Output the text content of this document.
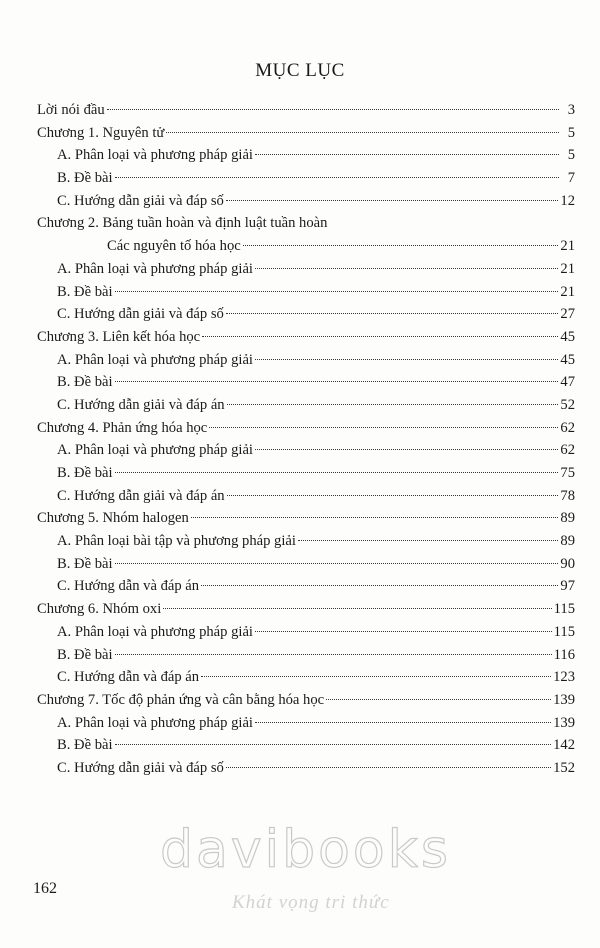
MỤC LỤC
Lời nói đầu	3
Chương 1. Nguyên tử	5
A. Phân loại và phương pháp giải	5
B. Đề bài	7
C. Hướng dẫn giải và đáp số	12
Chương 2. Bảng tuần hoàn và định luật tuần hoàn
Các nguyên tố hóa học	21
A. Phân loại và phương pháp giải	21
B. Đề bài	21
C. Hướng dẫn giải và đáp số	27
Chương 3. Liên kết hóa học	45
A. Phân loại và phương pháp giải	45
B. Đề bài	47
C. Hướng dẫn giải và đáp án	52
Chương 4. Phản ứng hóa học	62
A. Phân loại và phương pháp giải	62
B. Đề bài	75
C. Hướng dẫn giải và đáp án	78
Chương 5. Nhóm halogen	89
A. Phân loại bài tập và phương pháp giải	89
B. Đề bài	90
C. Hướng dẫn và đáp án	97
Chương 6. Nhóm oxi	115
A. Phân loại và phương pháp giải	115
B. Đề bài	116
C. Hướng dẫn và đáp án	123
Chương 7. Tốc độ phản ứng và cân bằng hóa học	139
A. Phân loại và phương pháp giải	139
B. Đề bài	142
C. Hướng dẫn giải và đáp số	152
davibooks
Khát vọng tri thức
162
